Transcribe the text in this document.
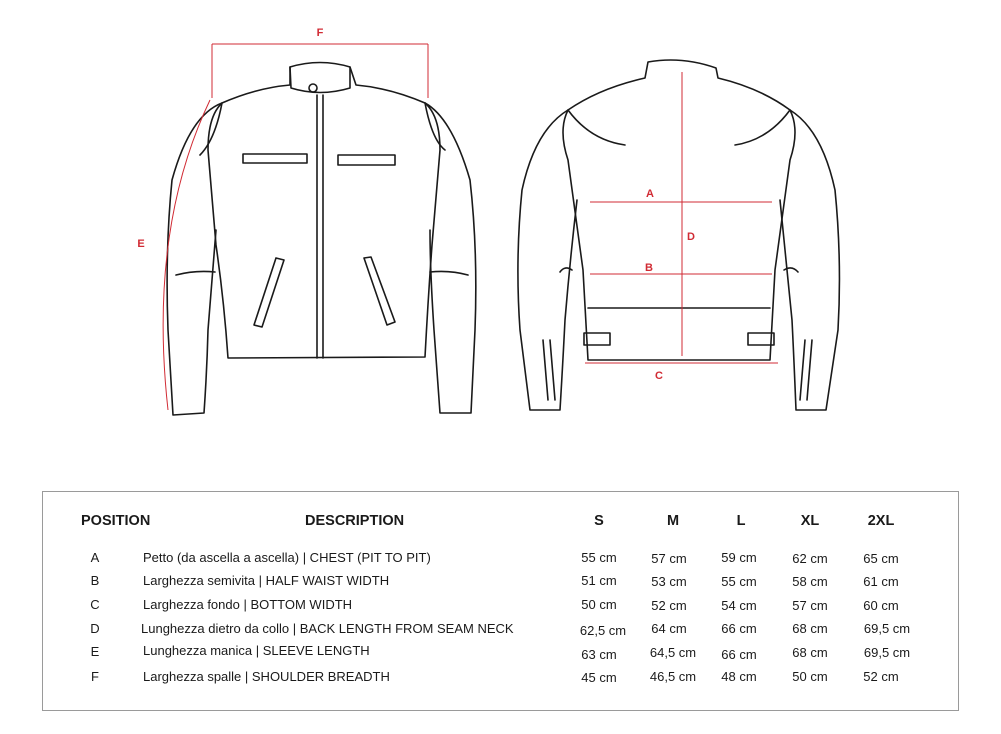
F
E
A
D
B
C
POSITION	DESCRIPTION	S	M	L	XL	2XL
A	Petto (da ascella a ascella) | CHEST (PIT TO PIT)	55 cm	57 cm	59 cm	62 cm	65 cm
B	Larghezza semivita | HALF WAIST WIDTH	51 cm	53 cm	55 cm	58 cm	61 cm
C	Larghezza fondo | BOTTOM WIDTH	50 cm	52 cm	54 cm	57 cm	60 cm
D	Lunghezza dietro da collo | BACK LENGTH FROM SEAM NECK	62,5 cm	64 cm	66 cm	68 cm	69,5 cm
E	Lunghezza manica | SLEEVE LENGTH	63 cm	64,5 cm	66 cm	68 cm	69,5 cm
F	Larghezza spalle | SHOULDER BREADTH	45 cm	46,5 cm	48 cm	50 cm	52 cm
